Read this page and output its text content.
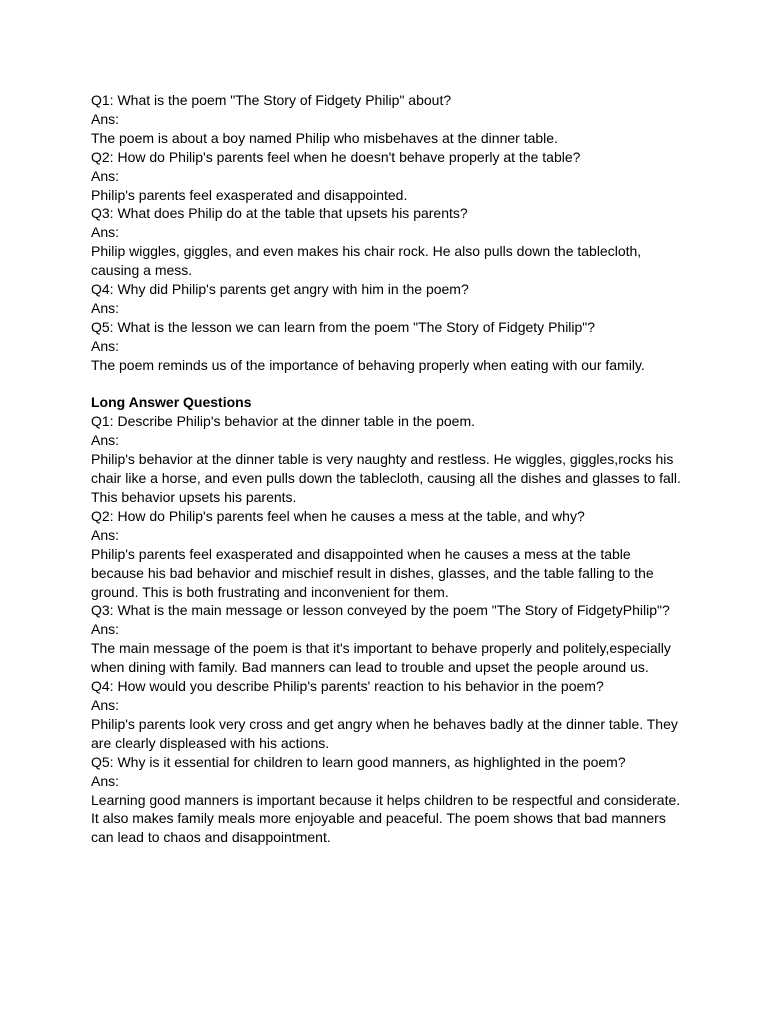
Q1: What is the poem "The Story of Fidgety Philip" about?

Ans:

The poem is about a boy named Philip who misbehaves at the dinner table.

Q2: How do Philip's parents feel when he doesn't behave properly at the table?

Ans:

Philip's parents feel exasperated and disappointed.

Q3: What does Philip do at the table that upsets his parents?

Ans:

Philip wiggles, giggles, and even makes his chair rock. He also pulls down the tablecloth,

causing a mess.

Q4: Why did Philip's parents get angry with him in the poem?

Ans:

Q5: What is the lesson we can learn from the poem "The Story of Fidgety Philip"?

Ans:

The poem reminds us of the importance of behaving properly when eating with our family.

Long Answer Questions

Q1: Describe Philip's behavior at the dinner table in the poem.

Ans:

Philip's behavior at the dinner table is very naughty and restless. He wiggles, giggles,rocks his

chair like a horse, and even pulls down the tablecloth, causing all the dishes and glasses to fall.

This behavior upsets his parents.

Q2: How do Philip's parents feel when he causes a mess at the table, and why?

Ans:

Philip's parents feel exasperated and disappointed when he causes a mess at the table

because his bad behavior and mischief result in dishes, glasses, and the table falling to the

ground. This is both frustrating and inconvenient for them.

Q3: What is the main message or lesson conveyed by the poem "The Story of FidgetyPhilip"?

Ans:

The main message of the poem is that it's important to behave properly and politely,especially

when dining with family. Bad manners can lead to trouble and upset the people around us.

Q4: How would you describe Philip's parents' reaction to his behavior in the poem?

Ans:

Philip's parents look very cross and get angry when he behaves badly at the dinner table. They

are clearly displeased with his actions.

Q5: Why is it essential for children to learn good manners, as highlighted in the poem?

Ans:

Learning good manners is important because it helps children to be respectful and considerate.

It also makes family meals more enjoyable and peaceful. The poem shows that bad manners

can lead to chaos and disappointment.
